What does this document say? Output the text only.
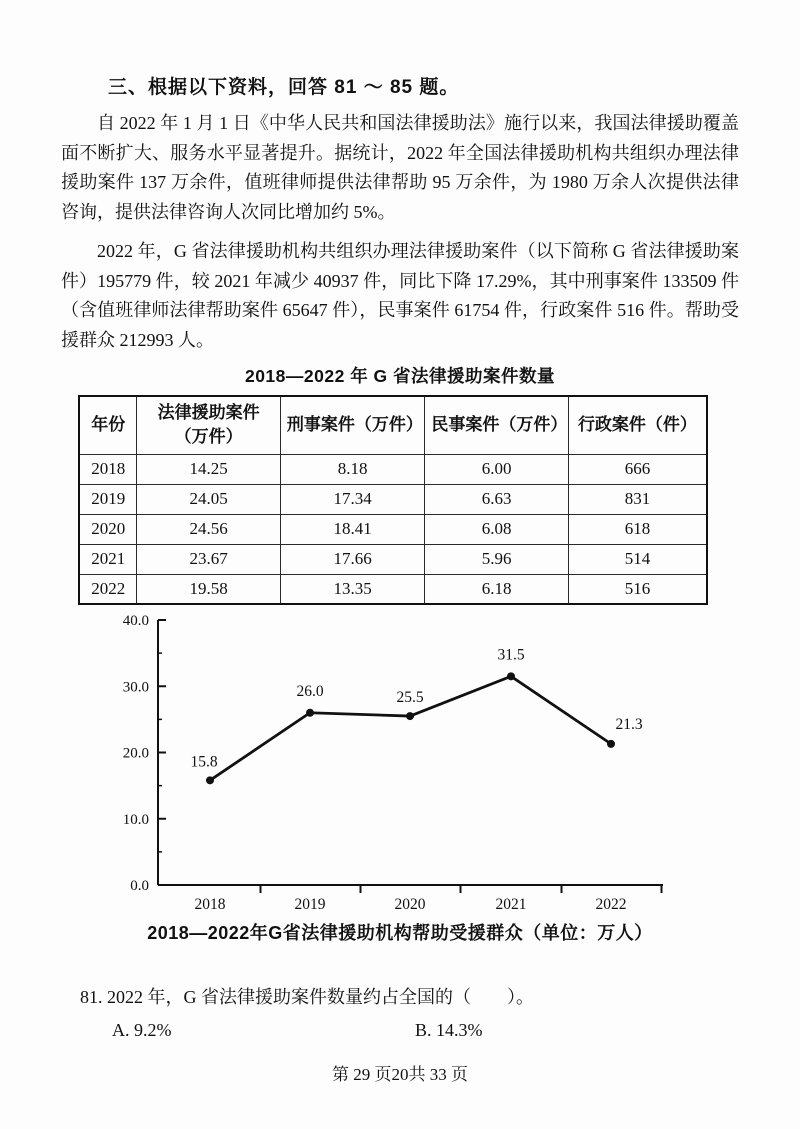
三、根据以下资料，回答 81 ～ 85 题。

自 2022 年 1 月 1 日《中华人民共和国法律援助法》施行以来，我国法律援助覆盖面不断扩大、服务水平显著提升。据统计，2022 年全国法律援助机构共组织办理法律援助案件 137 万余件，值班律师提供法律帮助 95 万余件，为 1980 万余人次提供法律咨询，提供法律咨询人次同比增加约 5%。

2022 年，G 省法律援助机构共组织办理法律援助案件（以下简称 G 省法律援助案件）195779 件，较 2021 年减少 40937 件，同比下降 17.29%，其中刑事案件 133509 件（含值班律师法律帮助案件 65647 件），民事案件 61754 件，行政案件 516 件。帮助受援群众 212993 人。

2018—2022 年 G 省法律援助案件数量
年份	法律援助案件（万件）	刑事案件（万件）	民事案件（万件）	行政案件（件）
2018	14.25	8.18	6.00	666
2019	24.05	17.34	6.63	831
2020	24.56	18.41	6.08	618
2021	23.67	17.66	5.96	514
2022	19.58	13.35	6.18	516
0.0
10.0
20.0
30.0
40.0
2018	2019	2020	2021	2022
15.8
26.0	25.5
31.5
21.3
2018—2022年G省法律援助机构帮助受援群众（单位：万人）
81. 2022 年，G 省法律援助案件数量约占全国的（　　）。
A. 9.2%	B. 14.3%
第 29 页20共 33 页
